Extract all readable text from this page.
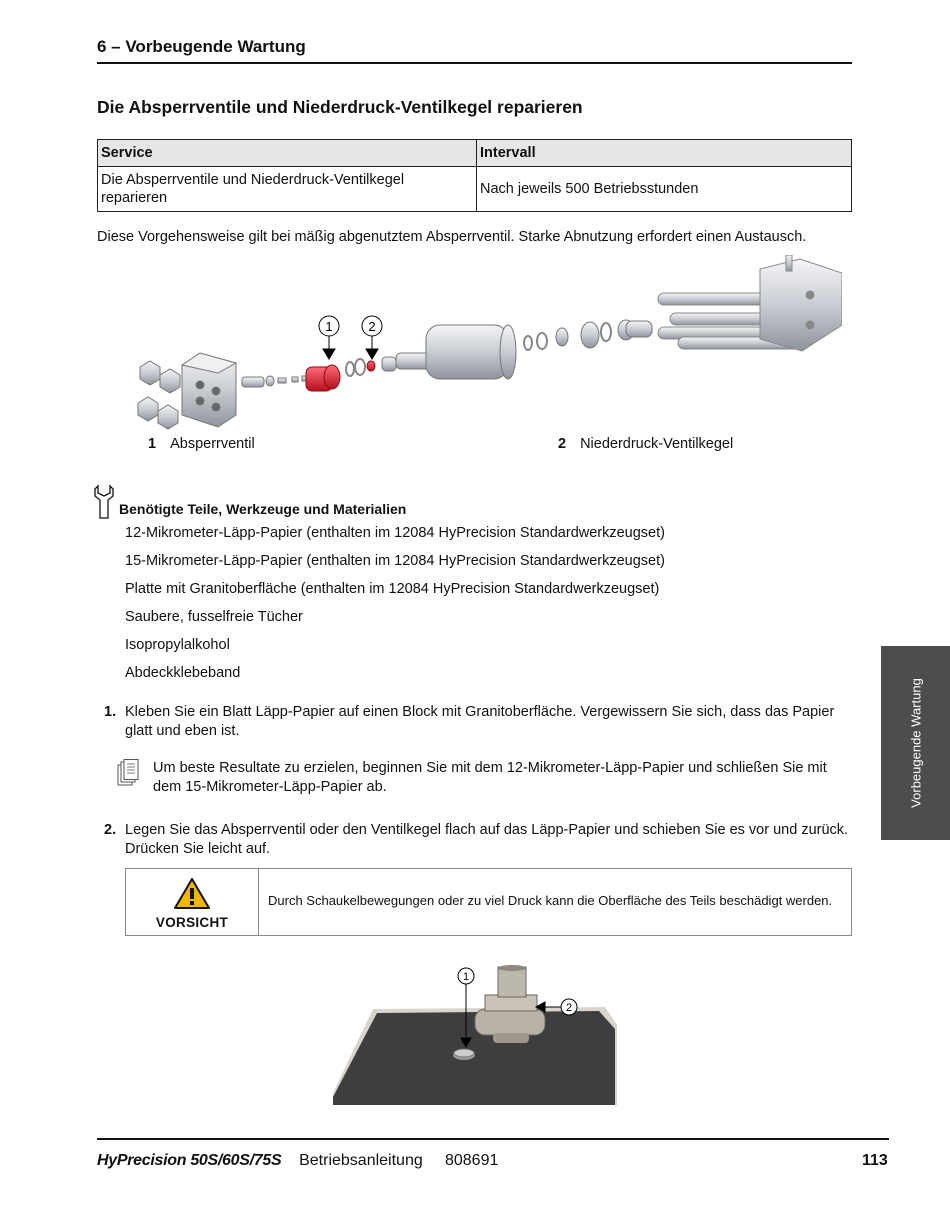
6 – Vorbeugende Wartung
Die Absperrventile und Niederdruck-Ventilkegel reparieren
Service	Intervall
Die Absperrventile und Niederdruck-Ventilkegel reparieren	Nach jeweils 500 Betriebsstunden
Diese Vorgehensweise gilt bei mäßig abgenutztem Absperrventil. Starke Abnutzung erfordert einen Austausch.
1	2
1 Absperrventil	2 Niederdruck-Ventilkegel
Benötigte Teile, Werkzeuge und Materialien
12-Mikrometer-Läpp-Papier (enthalten im 12084 HyPrecision Standardwerkzeugset)
15-Mikrometer-Läpp-Papier (enthalten im 12084 HyPrecision Standardwerkzeugset)
Platte mit Granitoberfläche (enthalten im 12084 HyPrecision Standardwerkzeugset)
Saubere, fusselfreie Tücher
Isopropylalkohol
Abdeckklebeband
1. Kleben Sie ein Blatt Läpp-Papier auf einen Block mit Granitoberfläche. Vergewissern Sie sich, dass das Papier glatt und eben ist.
Um beste Resultate zu erzielen, beginnen Sie mit dem 12-Mikrometer-Läpp-Papier und schließen Sie mit dem 15-Mikrometer-Läpp-Papier ab.
2. Legen Sie das Absperrventil oder den Ventilkegel flach auf das Läpp-Papier und schieben Sie es vor und zurück. Drücken Sie leicht auf.
VORSICHT
Durch Schaukelbewegungen oder zu viel Druck kann die Oberfläche des Teils beschädigt werden.
1
2
Vorbeugende Wartung
HyPrecision 50S/60S/75S Betriebsanleitung 808691	113
